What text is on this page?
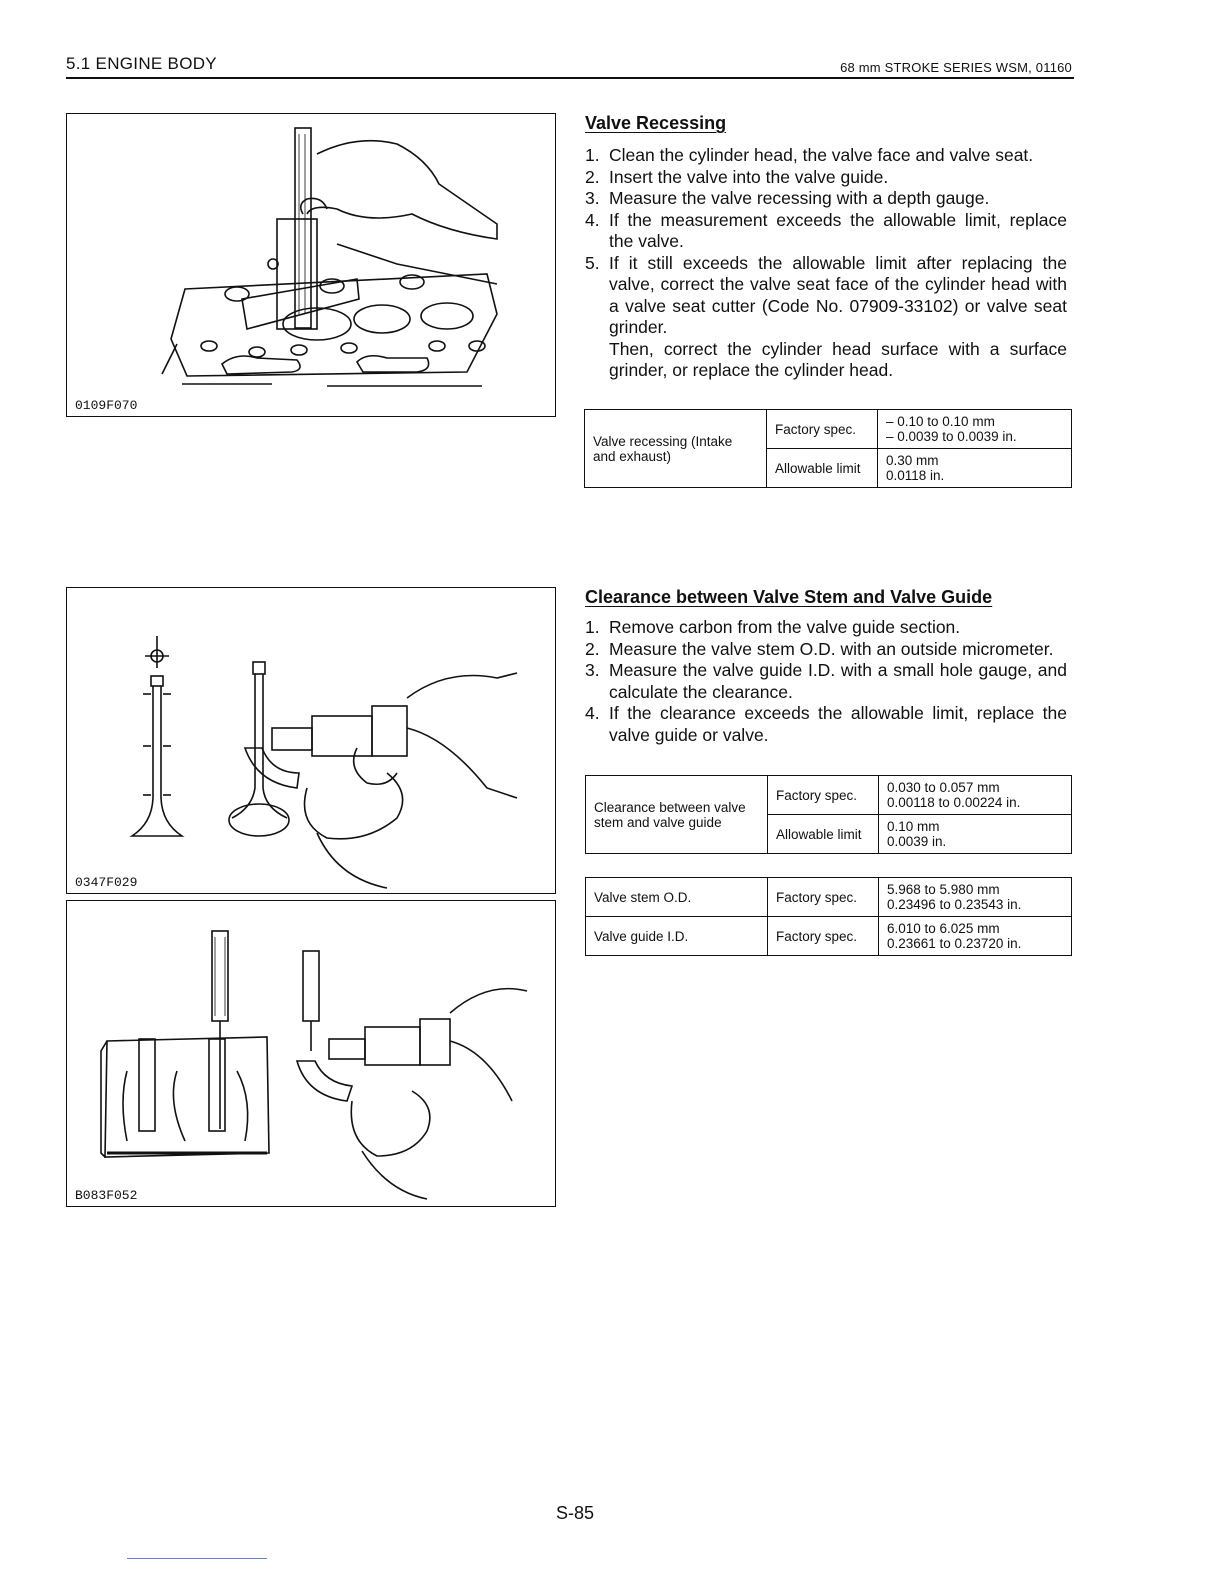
5.1 ENGINE BODY	68 mm STROKE SERIES WSM, 01160
0109F070
Valve Recessing
1. Clean the cylinder head, the valve face and valve seat.
2. Insert the valve into the valve guide.
3. Measure the valve recessing with a depth gauge.
4. If the measurement exceeds the allowable limit, replace the valve.
5. If it still exceeds the allowable limit after replacing the valve, correct the valve seat face of the cylinder head with a valve seat cutter (Code No. 07909-33102) or valve seat grinder.
Then, correct the cylinder head surface with a surface grinder, or replace the cylinder head.
Valve recessing (Intake and exhaust)	Factory spec.	– 0.10 to 0.10 mm
– 0.0039 to 0.0039 in.

	Allowable limit	0.30 mm
0.0118 in.
0347F029
B083F052
Clearance between Valve Stem and Valve Guide
1. Remove carbon from the valve guide section.
2. Measure the valve stem O.D. with an outside micrometer.
3. Measure the valve guide I.D. with a small hole gauge, and calculate the clearance.
4. If the clearance exceeds the allowable limit, replace the valve guide or valve.
Clearance between valve stem and valve guide	Factory spec.	0.030 to 0.057 mm
0.00118 to 0.00224 in.

	Allowable limit	0.10 mm
0.0039 in.
Valve stem O.D.	Factory spec.	5.968 to 5.980 mm
0.23496 to 0.23543 in.

Valve guide I.D.	Factory spec.	6.010 to 6.025 mm
0.23661 to 0.23720 in.
S-85
